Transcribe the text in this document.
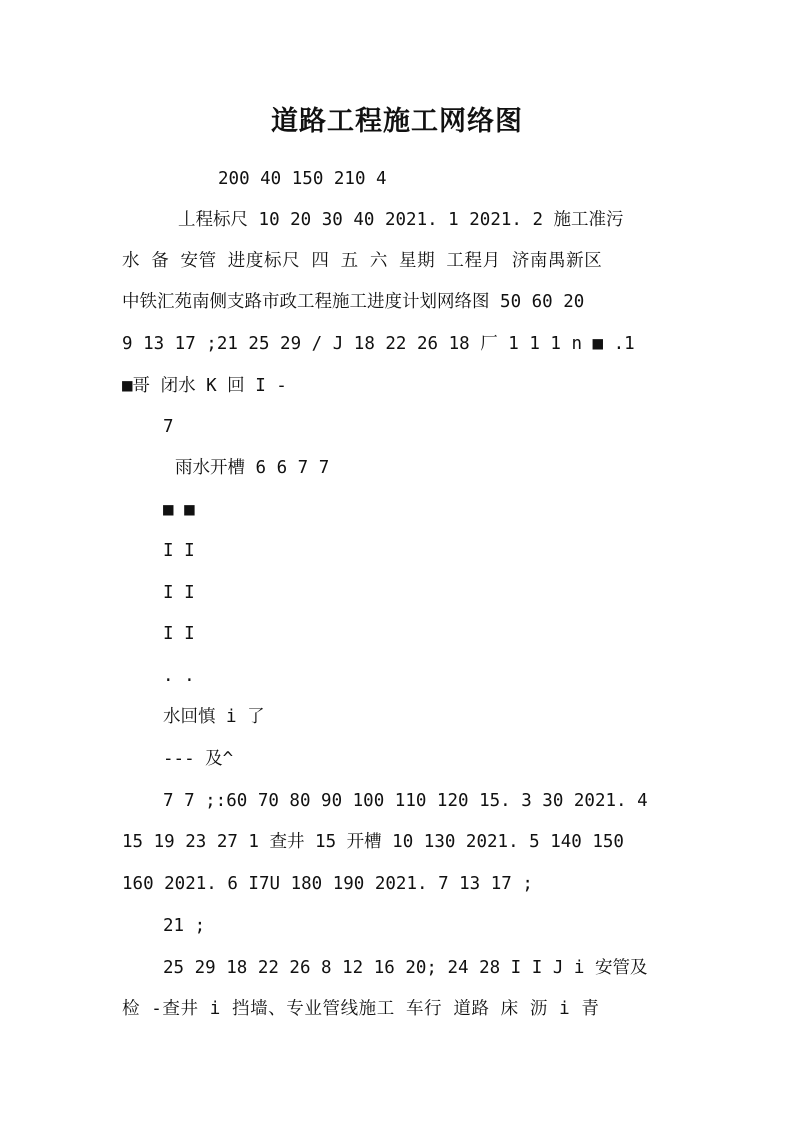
道路工程施工网络图

200 40 150 210 4

丄程标尺 10 20 30 40 2021. 1 2021. 2 施工准污

水 备 安管 进度标尺 四 五 六 星期 工程月 济南禺新区

中铁汇苑南侧支路市政工程施工进度计划网络图 50 60 20

9 13 17 ;21 25 29 / J 18 22 26 18 厂 1 1 1 n ■ .1

■哥 闭水 K 回 I -

7

雨水开槽 6 6 7 7

■ ■

I I

I I

I I

. .

水回慎 i 了

--- 及^

7 7 ;:60 70 80 90 100 110 120 15. 3 30 2021. 4

15 19 23 27 1 查井 15 开槽 10 130 2021. 5 140 150

160 2021. 6 I7U 180 190 2021. 7 13 17 ;

21 ;

25 29 18 22 26 8 12 16 20; 24 28 I I J i 安管及

检 -查井 i 挡墙、专业管线施工 车行 道路 床 沥 i 青
